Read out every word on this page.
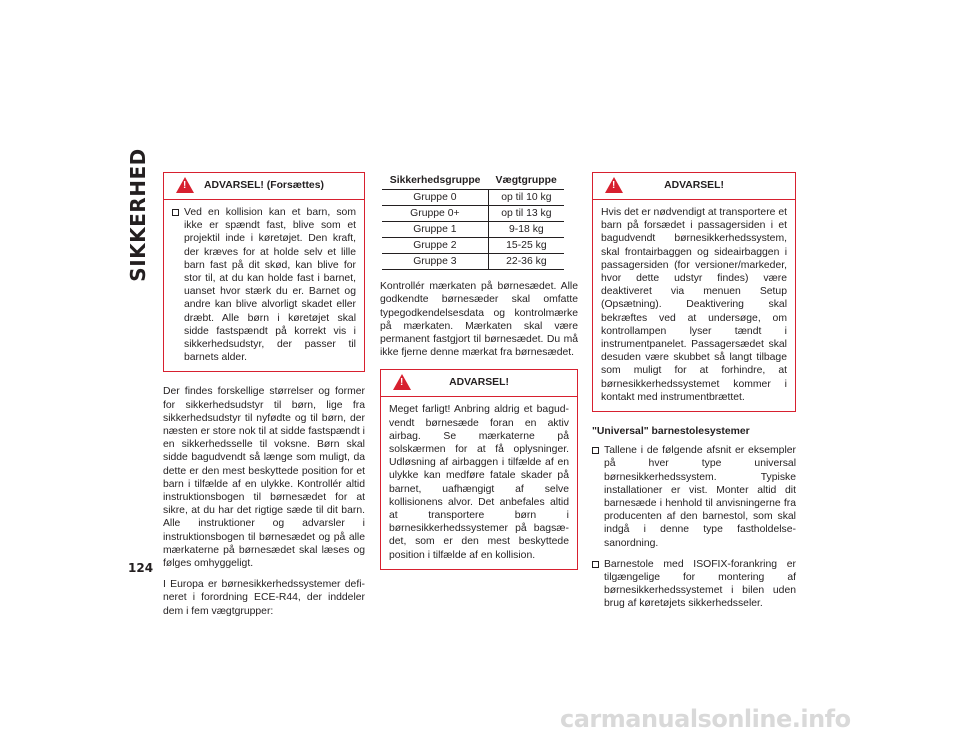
SIKKERHED
124
! ADVARSEL! (Forsættes)
Ved en kollision kan et barn, som ikke er spændt fast, blive som et projektil inde i køretøjet. Den kraft, der kræves for at holde selv et lille barn fast på dit skød, kan blive for stor til, at du kan holde fast i barnet, uanset hvor stærk du er. Barnet og andre kan blive alvorligt skadet eller dræbt. Alle børn i køretøjet skal sidde fastspændt på korrekt vis i sikkerhedsudstyr, der passer til barnets alder.

Der findes forskellige størrelser og former for sikkerhedsudstyr til børn, lige fra sikkerhedsudstyr til nyfødte og til børn, der næsten er store nok til at sidde fastspændt i en sikkerhedsselle til voksne. Børn skal sidde bagudvendt så længe som muligt, da dette er den mest beskyttede position for et barn i tilfælde af en ulykke. Kontrollér altid instruktionsbogen til børnesædet for at sikre, at du har det rigtige sæde til dit barn. Alle instruktioner og advarsler i instruktionsbogen til børnesædet og på alle mærkaterne på børnesædet skal læses og følges omhyggeligt.

I Europa er børnesikkerhedssystemer defineret i forordning ECE-R44, der inddeler dem i fem vægtgrupper:

Sikkerhedsgruppe	Vægtgruppe
Gruppe 0	op til 10 kg
Gruppe 0+	op til 13 kg
Gruppe 1	9-18 kg
Gruppe 2	15-25 kg
Gruppe 3	22-36 kg

Kontrollér mærkaten på børnesædet. Alle godkendte børnesæder skal omfatte typegodkendelsesdata og kontrolmærke på mærkaten. Mærkaten skal være permanent fastgjort til børnesædet. Du må ikke fjerne denne mærkat fra børnesædet.

!	ADVARSEL!
Meget farligt! Anbring aldrig et bagudvendt børnesæde foran en aktiv airbag. Se mærkaterne på solskærmen for at få oplysninger. Udløsning af airbaggen i tilfælde af en ulykke kan medføre fatale skader på barnet, uafhængigt af selve kollisionens alvor. Det anbefales altid at transportere børn i børnesikkerhedssystemer på bagsædet, som er den mest beskyttede position i tilfælde af en kollision.
!	ADVARSEL!
Hvis det er nødvendigt at transportere et barn på forsædet i passagersiden i et bagudvendt børnesikkerhedssystem, skal frontairbaggen og sideairbaggen i passagersiden (for versioner/markeder, hvor dette udstyr findes) være deaktiveret via menuen Setup (Opsætning). Deaktivering skal bekræftes ved at undersøge, om kontrollampen lyser tændt i instrumentpanelet. Passagersædet skal desuden være skubbet så langt tilbage som muligt for at forhindre, at børnesikkerhedssystemet kommer i kontakt med instrumentbrættet.
"Universal" barnestolesystemer
Tallene i de følgende afsnit er eksempler på hver type universal børnesikkerhedssystem. Typiske installationer er vist. Monter altid dit barnesæde i henhold til anvisningerne fra producenten af den barnestol, som skal indgå i denne type fastholdelsesanordning.
Barnestole med ISOFIX-forankring er tilgængelige for montering af børnesikkerhedssystemet i bilen uden brug af køretøjets sikkerhedsseler.
carmanualsonline.info
